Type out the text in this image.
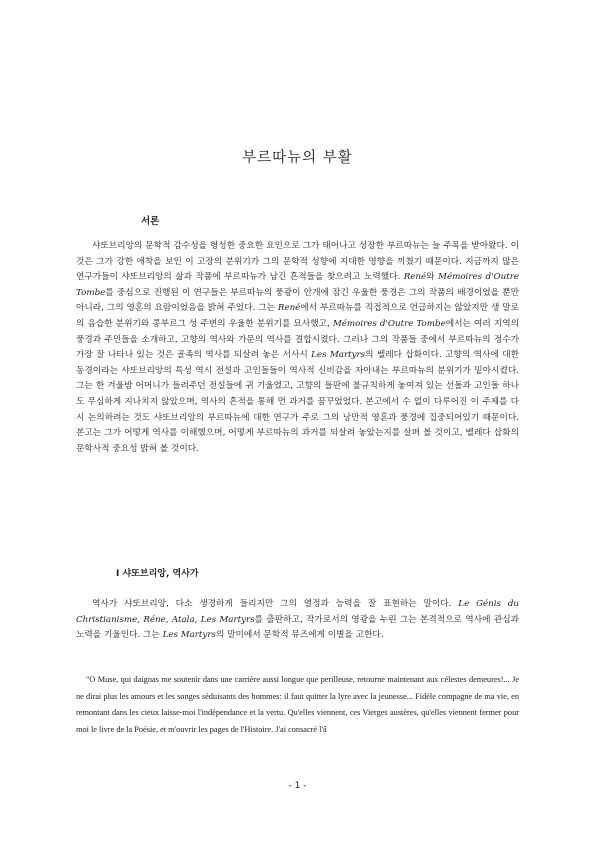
부르따뉴의 부활
서론

샤또브리앙의 문학적 감수성을 형성한 중요한 요인으로 그가 태어나고 성장한 부르따뉴는 늘 주목을 받아왔다. 이것은 그가 강한 애착을 보인 이 고장의 분위기가 그의 문학적 성향에 지대한 영향을 끼쳤기 때문이다. 지금까지 많은 연구가들이 샤또브리앙의 삶과 작품에 부르따뉴가 남긴 흔적들을 찾으려고 노력했다. René와 Mémoires d'Outre Tombe를 중심으로 진행된 이 연구들은 부르따뉴의 풍광이 안개에 잠긴 우울한 풍경은 그의 작품의 배경이었을 뿐만 아니라, 그의 영혼의 요람이었음을 밝혀 주었다. 그는 René에서 부르따뉴를 직접적으로 언급하지는 않았지만 생 말로의 음습한 분위기와 콩부르그 성 주변의 우울한 분위기를 묘사했고, Mémoires d'Outre Tombe에서는 여러 지역의 풍경과 주민들을 소개하고, 고향의 역사와 가문의 역사를 결합시켰다. 그러나 그의 작품들 중에서 부르따뉴의 정수가 가장 잘 나타나 있는 것은 골족의 역사를 되살려 놓은 서사시 Les Martyrs의 벨레다 삽화이다. 고향의 역사에 대한 동경이라는 샤또브리앙의 특성 역시 전설과 고인돌들이 역사적 신비감을 자아내는 부르따뉴의 분위기가 밑아시켰다. 그는 한 겨울밤 어머니가 들려주던 전설들에 귀 기울였고, 고향의 들판에 불규칙하게 놓여져 있는 선돌과 고인돌 하나도 무심하게 지나치지 않았으며, 역사의 흔적을 통해 먼 과거를 꿈꾸었었다. 본고에서 수 없이 다루어진 이 주제를 다시 논의하려는 것도 샤또브리앙의 부르따뉴에 대한 연구가 주로 그의 낭만적 영혼과 풍경에 집중되어있기 때문이다. 본고는 그가 어떻게 역사를 이해했으며, 어떻게 부르따뉴의 과거를 되살려 놓았는지를 살펴 볼 것이고, 벨레다 삽화의 문학사적 중요성 밝혀 볼 것이다.

I 샤또브리앙, 역사가

역사가 샤또브리앙, 다소 생경하게 들리지만 그의 열정과 능력을 잘 표현하는 말이다. Le Génis du Christianisme, Réne, Atala, Les Martyrs를 출판하고, 작가로서의 영광을 누린 그는 본격적으로 역사에 관심과 노력을 기울인다. 그는 Les Martyrs의 말미에서 문학적 뮤즈에게 이별을 고한다.

"O Muse, qui daignas me soutenir dans une carrière aussi longue que perilleuse, retourne maintenant aux célestes demeures!... Je ne dirai plus les amours et les songes séduisants des hommes: il faut quitter la lyre avec la jeunesse... Fidèle compagne de ma vie, en remontant dans les cieux laisse-moi l'indépendance et la vertu. Qu'elles viennent, ces Vierges austères, qu'elles viennent fermer pour moi le livre de la Poésie, et m'ouvrir les pages de l'Histoire. J'ai consacré l'â

- 1 -
